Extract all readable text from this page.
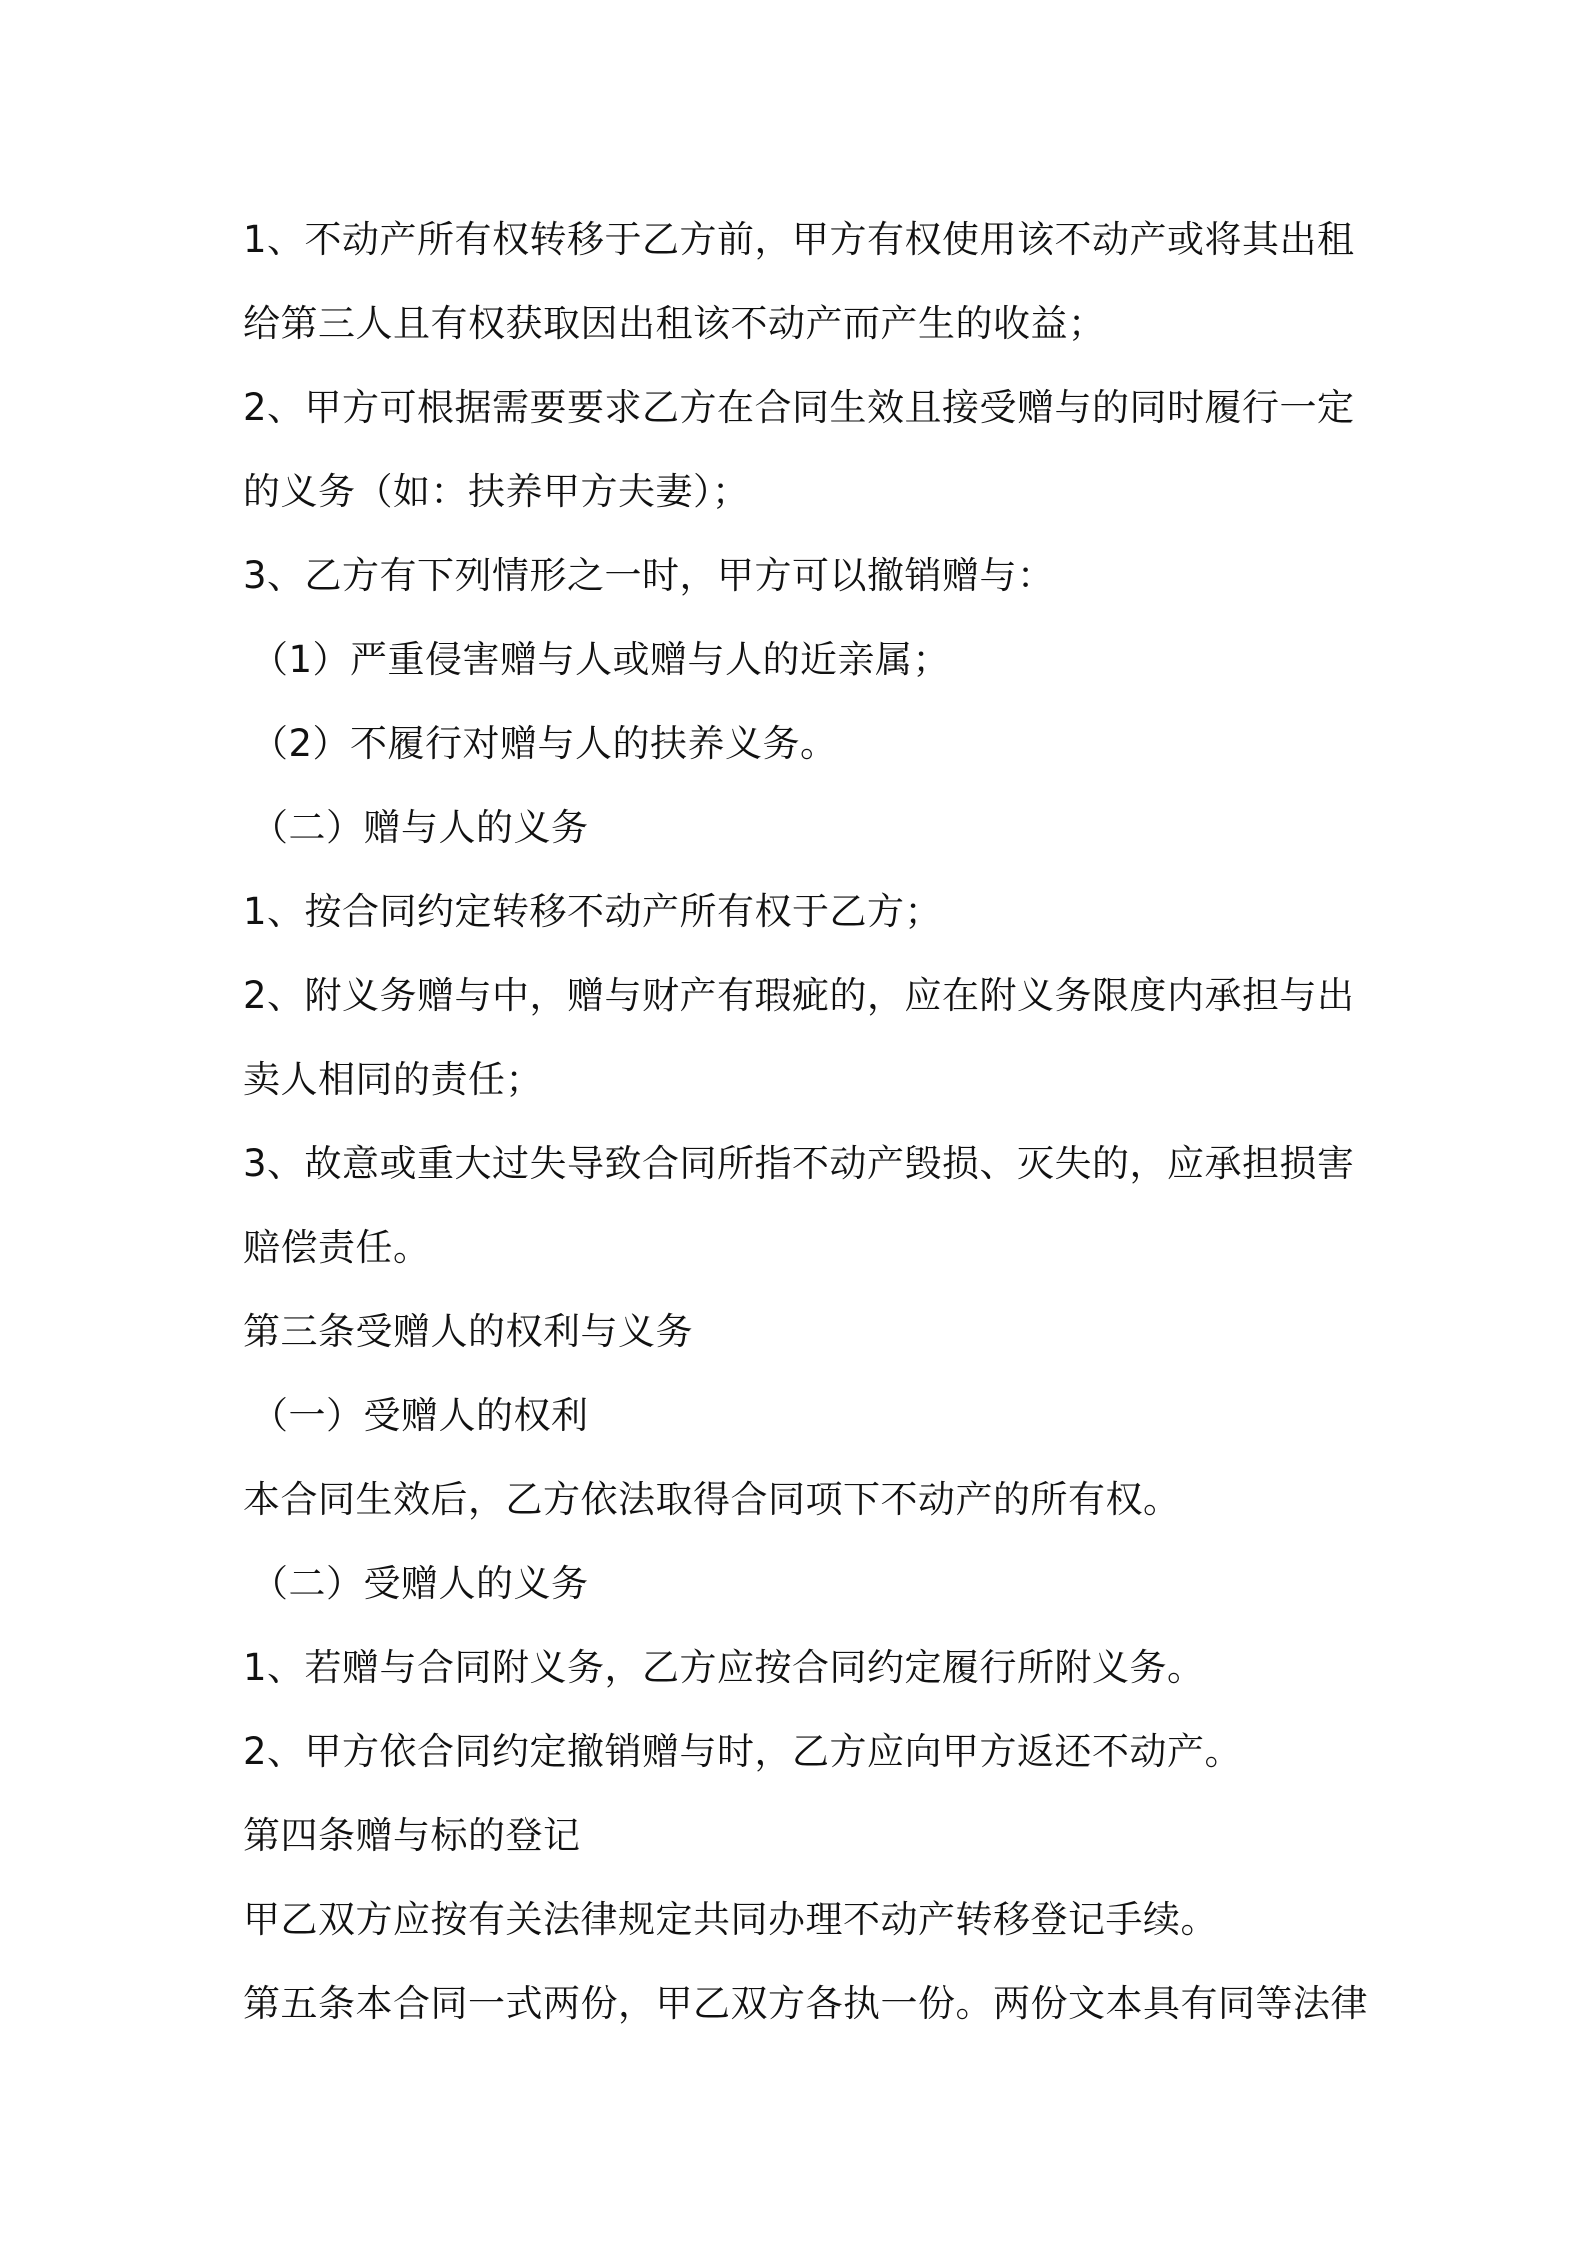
1、不动产所有权转移于乙方前，甲方有权使用该不动产或将其出租
给第三人且有权获取因出租该不动产而产生的收益；
2、甲方可根据需要要求乙方在合同生效且接受赠与的同时履行一定
的义务（如：扶养甲方夫妻）；
3、乙方有下列情形之一时，甲方可以撤销赠与：
（1）严重侵害赠与人或赠与人的近亲属；
（2）不履行对赠与人的扶养义务。
（二）赠与人的义务
1、按合同约定转移不动产所有权于乙方；
2、附义务赠与中，赠与财产有瑕疵的，应在附义务限度内承担与出
卖人相同的责任；
3、故意或重大过失导致合同所指不动产毁损、灭失的，应承担损害
赔偿责任。
第三条受赠人的权利与义务
（一）受赠人的权利
本合同生效后，乙方依法取得合同项下不动产的所有权。
（二）受赠人的义务
1、若赠与合同附义务，乙方应按合同约定履行所附义务。
2、甲方依合同约定撤销赠与时，乙方应向甲方返还不动产。
第四条赠与标的登记
甲乙双方应按有关法律规定共同办理不动产转移登记手续。
第五条本合同一式两份，甲乙双方各执一份。两份文本具有同等法律
